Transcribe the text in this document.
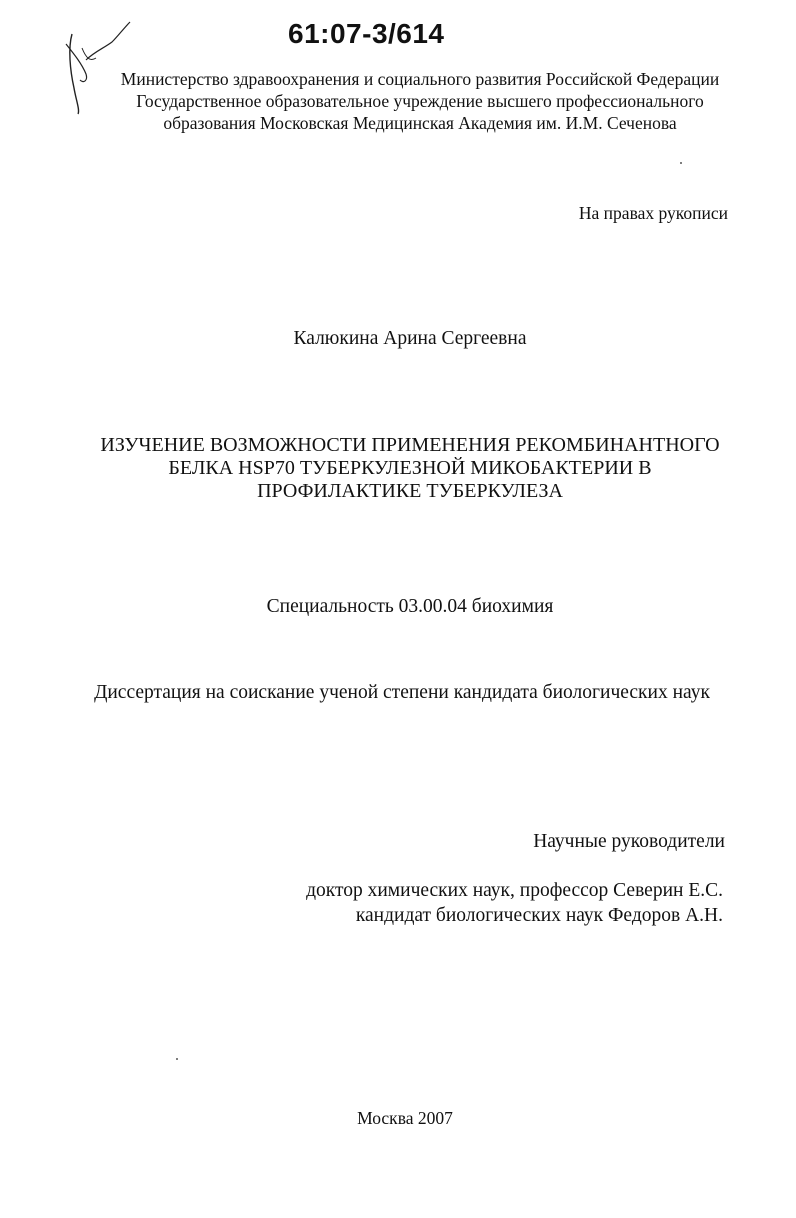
61:07-3/614
Министерство здравоохранения и социального развития Российской Федерации
Государственное образовательное учреждение высшего профессионального
образования Московская Медицинская Академия им. И.М. Сеченова
На правах рукописи
Калюкина Арина Сергеевна
ИЗУЧЕНИЕ ВОЗМОЖНОСТИ ПРИМЕНЕНИЯ РЕКОМБИНАНТНОГО
БЕЛКА HSP70 ТУБЕРКУЛЕЗНОЙ МИКОБАКТЕРИИ В
ПРОФИЛАКТИКЕ ТУБЕРКУЛЕЗА
Специальность 03.00.04 биохимия
Диссертация на соискание ученой степени кандидата биологических наук
Научные руководители
доктор химических наук, профессор Северин Е.С.
кандидат биологических наук Федоров А.Н.
Москва 2007
